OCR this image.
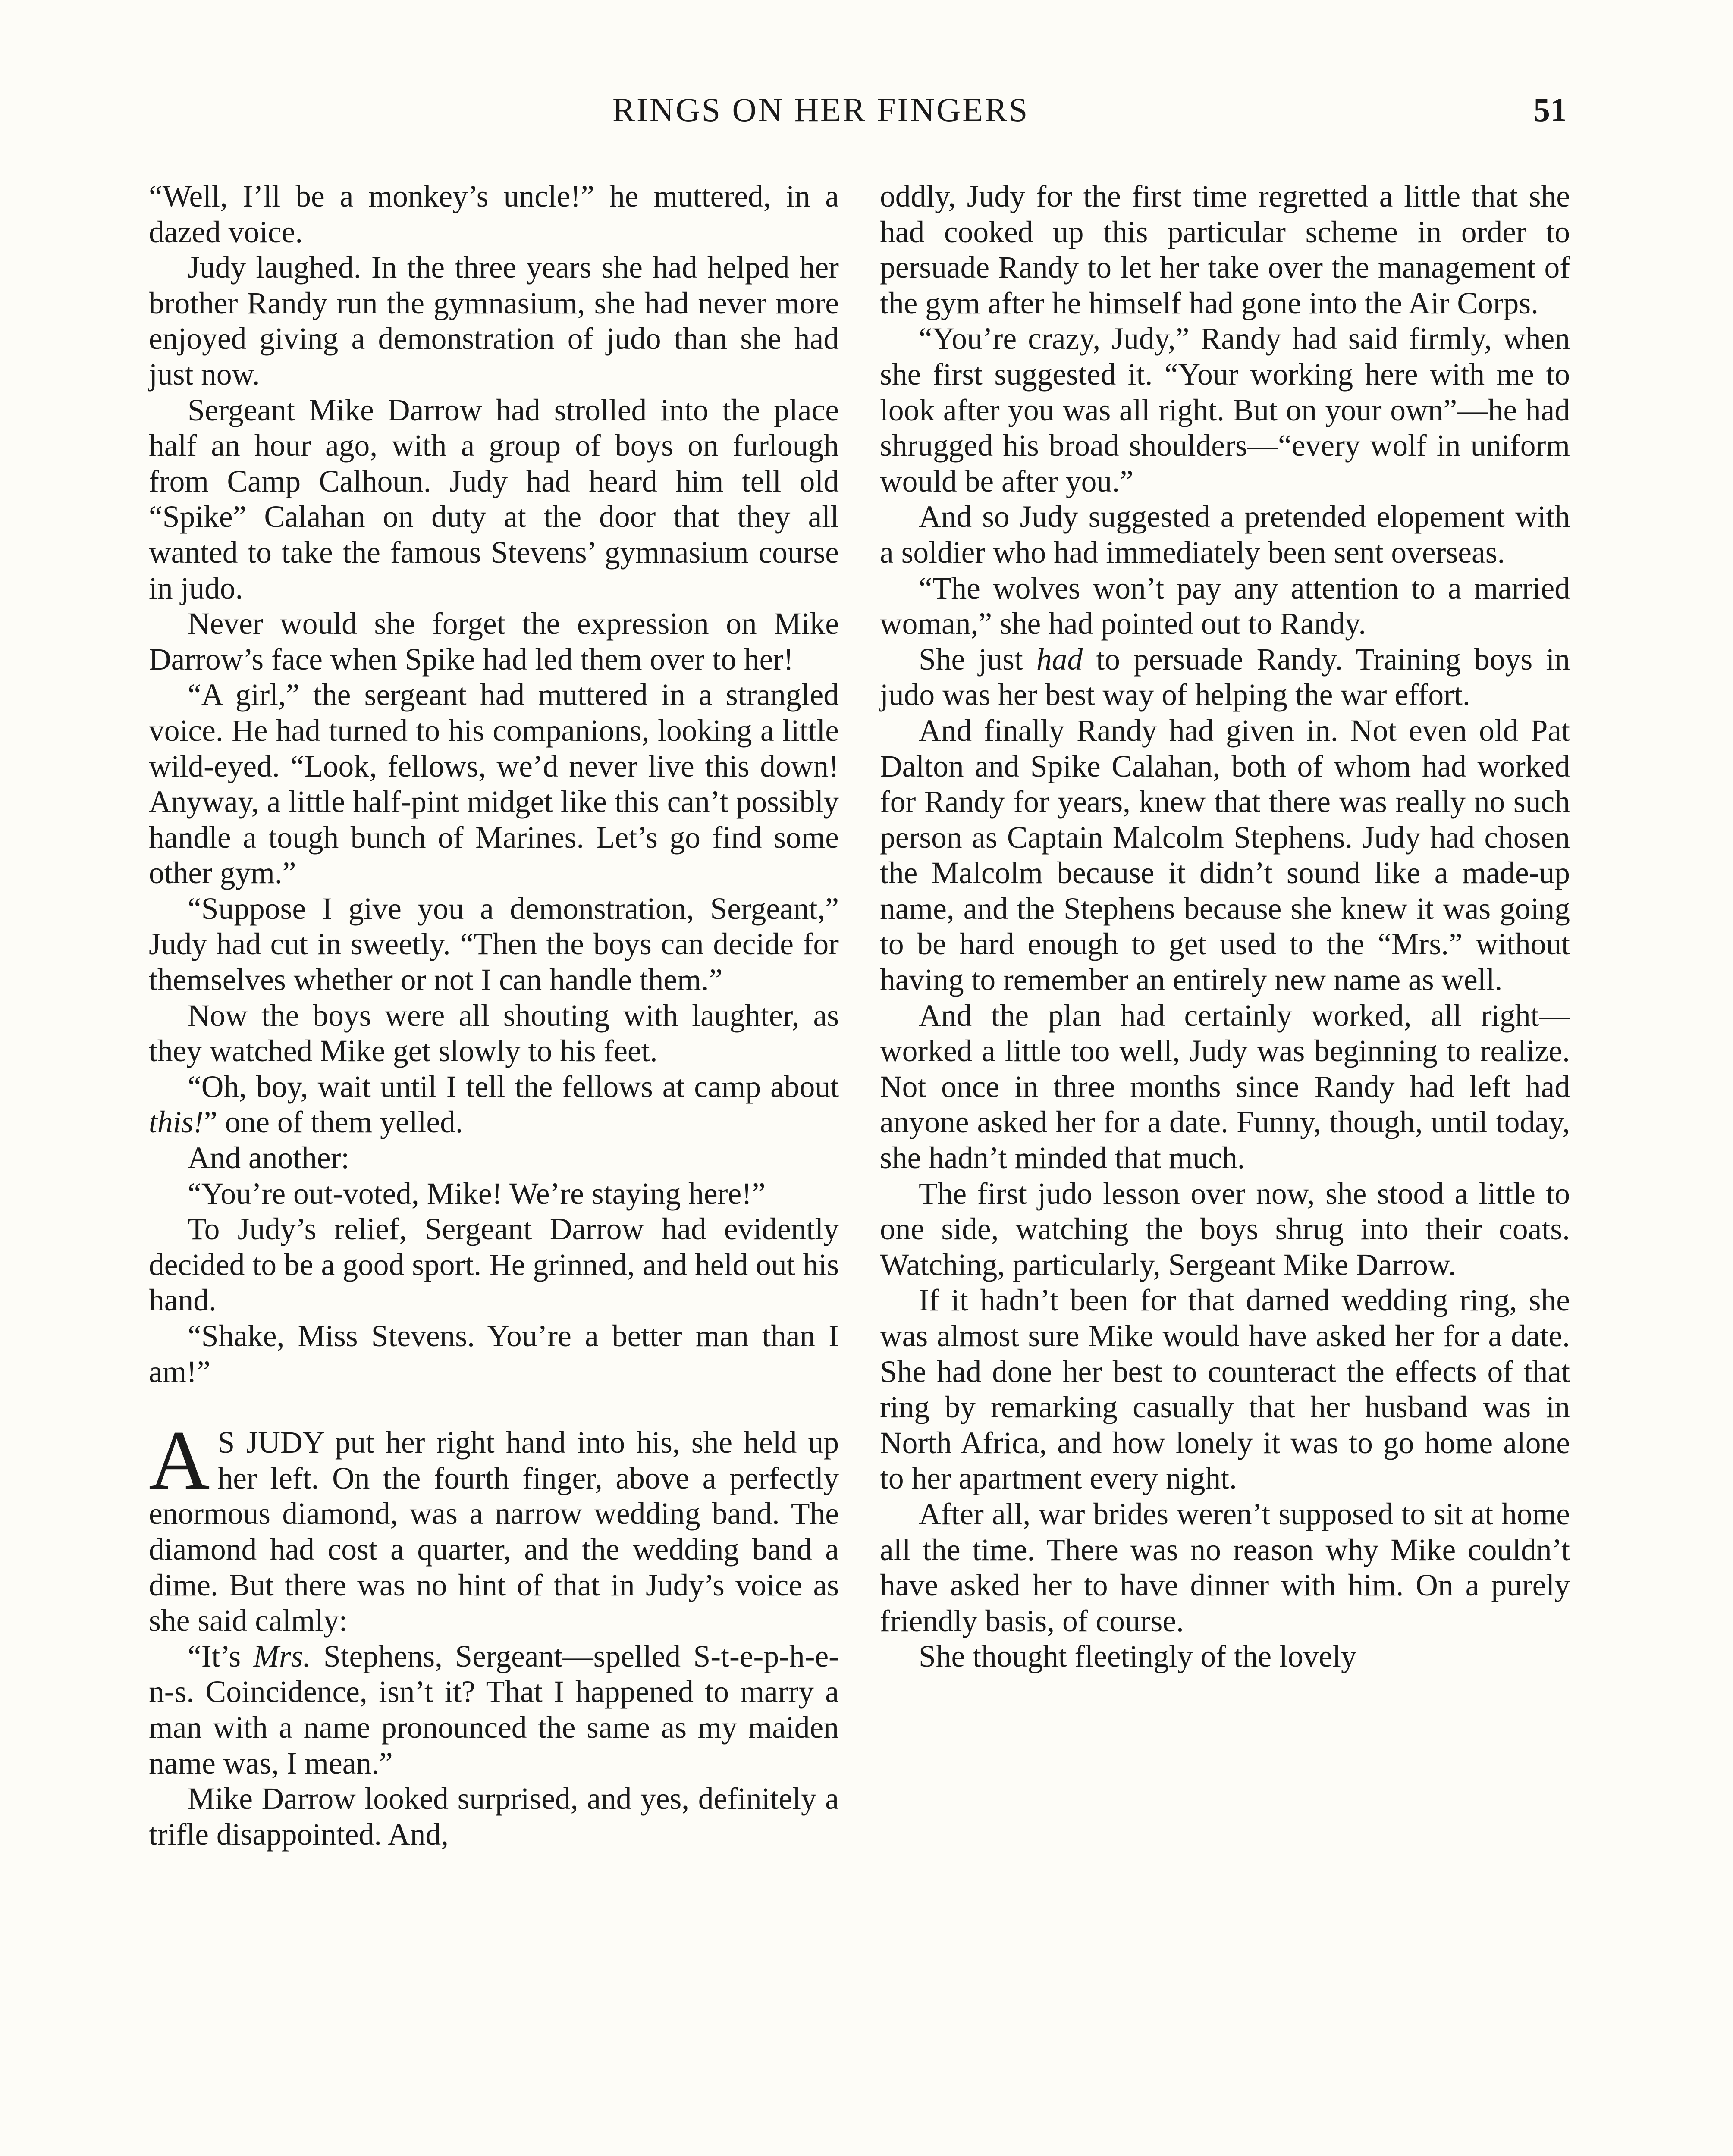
RINGS ON HER FINGERS	51

“Well, I’ll be a monkey’s uncle!” he muttered, in a dazed voice.

Judy laughed. In the three years she had helped her brother Randy run the gymnasium, she had never more enjoyed giving a demonstration of judo than she had just now.

Sergeant Mike Darrow had strolled into the place half an hour ago, with a group of boys on furlough from Camp Calhoun. Judy had heard him tell old “Spike” Calahan on duty at the door that they all wanted to take the famous Stevens’ gymnasium course in judo.

Never would she forget the expression on Mike Darrow’s face when Spike had led them over to her!

“A girl,” the sergeant had muttered in a strangled voice. He had turned to his companions, looking a little wild-eyed. “Look, fellows, we’d never live this down! Anyway, a little half-pint midget like this can’t possibly handle a tough bunch of Marines. Let’s go find some other gym.”

“Suppose I give you a demonstration, Sergeant,” Judy had cut in sweetly. “Then the boys can decide for themselves whether or not I can handle them.”

Now the boys were all shouting with laughter, as they watched Mike get slowly to his feet.

“Oh, boy, wait until I tell the fellows at camp about this!” one of them yelled.

And another:

“You’re out-voted, Mike! We’re staying here!”

To Judy’s relief, Sergeant Darrow had evidently decided to be a good sport. He grinned, and held out his hand.

“Shake, Miss Stevens. You’re a better man than I am!”

A S JUDY put her right hand into his, she held up her left. On the fourth finger, above a perfectly enormous diamond, was a narrow wedding band. The diamond had cost a quarter, and the wedding band a dime. But there was no hint of that in Judy’s voice as she said calmly:

“It’s Mrs. Stephens, Sergeant—spelled S-t-e-p-h-e-n-s. Coincidence, isn’t it? That I happened to marry a man with a name pronounced the same as my maiden name was, I mean.”

Mike Darrow looked surprised, and yes, definitely a trifle disappointed. And,

oddly, Judy for the first time regretted a little that she had cooked up this particular scheme in order to persuade Randy to let her take over the management of the gym after he himself had gone into the Air Corps.

“You’re crazy, Judy,” Randy had said firmly, when she first suggested it. “Your working here with me to look after you was all right. But on your own”—he had shrugged his broad shoulders—“every wolf in uniform would be after you.”

And so Judy suggested a pretended elopement with a soldier who had immediately been sent overseas.

“The wolves won’t pay any attention to a married woman,” she had pointed out to Randy.

She just had to persuade Randy. Training boys in judo was her best way of helping the war effort.

And finally Randy had given in. Not even old Pat Dalton and Spike Calahan, both of whom had worked for Randy for years, knew that there was really no such person as Captain Malcolm Stephens. Judy had chosen the Malcolm because it didn’t sound like a made-up name, and the Stephens because she knew it was going to be hard enough to get used to the “Mrs.” without having to remember an entirely new name as well.

And the plan had certainly worked, all right—worked a little too well, Judy was beginning to realize. Not once in three months since Randy had left had anyone asked her for a date. Funny, though, until today, she hadn’t minded that much.

The first judo lesson over now, she stood a little to one side, watching the boys shrug into their coats. Watching, particularly, Sergeant Mike Darrow.

If it hadn’t been for that darned wedding ring, she was almost sure Mike would have asked her for a date. She had done her best to counteract the effects of that ring by remarking casually that her husband was in North Africa, and how lonely it was to go home alone to her apartment every night.

After all, war brides weren’t supposed to sit at home all the time. There was no reason why Mike couldn’t have asked her to have dinner with him. On a purely friendly basis, of course.

She thought fleetingly of the lovely
